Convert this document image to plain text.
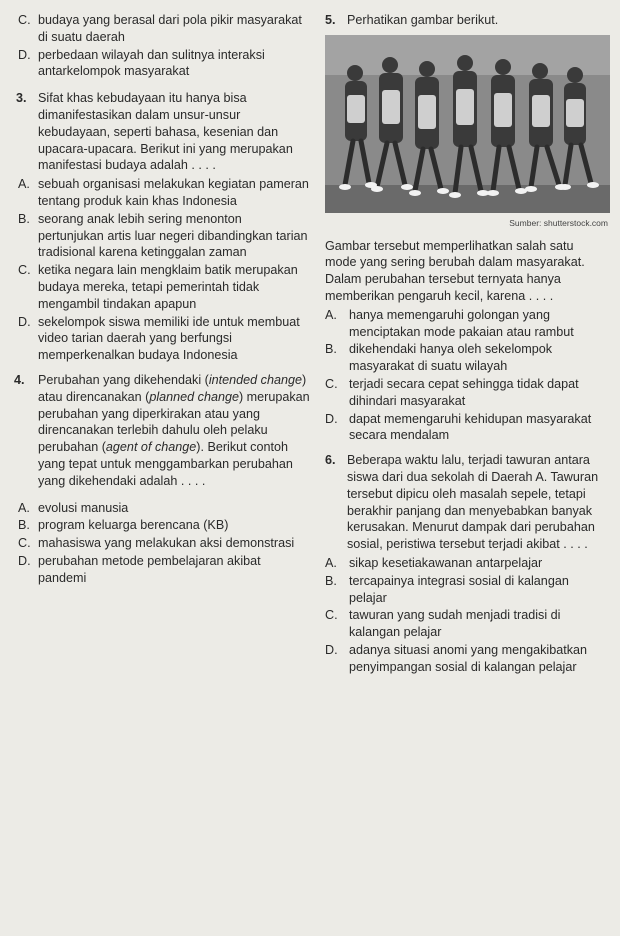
C. budaya yang berasal dari pola pikir masyarakat di suatu daerah
D. perbedaan wilayah dan sulitnya interaksi antarkelompok masyarakat
3. Sifat khas kebudayaan itu hanya bisa dimanifestasikan dalam unsur-unsur kebudayaan, seperti bahasa, kesenian dan upacara-upacara. Berikut ini yang merupakan manifestasi budaya adalah . . . .
A. sebuah organisasi melakukan kegiatan pameran tentang produk kain khas Indonesia
B. seorang anak lebih sering menonton pertunjukan artis luar negeri dibandingkan tarian tradisional karena ketinggalan zaman
C. ketika negara lain mengklaim batik merupakan budaya mereka, tetapi pemerintah tidak mengambil tindakan apapun
D. sekelompok siswa memiliki ide untuk membuat video tarian daerah yang berfungsi memperkenalkan budaya Indonesia
4. Perubahan yang dikehendaki (intended change) atau direncanakan (planned change) merupakan perubahan yang diperkirakan atau yang direncanakan terlebih dahulu oleh pelaku perubahan (agent of change). Berikut contoh yang tepat untuk menggambarkan perubahan yang dikehendaki adalah . . . .
A. evolusi manusia
B. program keluarga berencana (KB)
C. mahasiswa yang melakukan aksi demonstrasi
D. perubahan metode pembelajaran akibat pandemi
5. Perhatikan gambar berikut.
Sumber: shutterstock.com
Gambar tersebut memperlihatkan salah satu mode yang sering berubah dalam masyarakat. Dalam perubahan tersebut ternyata hanya memberikan pengaruh kecil, karena . . . .
A. hanya memengaruhi golongan yang menciptakan mode pakaian atau rambut
B. dikehendaki hanya oleh sekelompok masyarakat di suatu wilayah
C. terjadi secara cepat sehingga tidak dapat dihindari masyarakat
D. dapat memengaruhi kehidupan masyarakat secara mendalam
6. Beberapa waktu lalu, terjadi tawuran antara siswa dari dua sekolah di Daerah A. Tawuran tersebut dipicu oleh masalah sepele, tetapi berakhir panjang dan menyebabkan banyak kerusakan. Menurut dampak dari perubahan sosial, peristiwa tersebut terjadi akibat . . . .
A. sikap kesetiakawanan antarpelajar
B. tercapainya integrasi sosial di kalangan pelajar
C. tawuran yang sudah menjadi tradisi di kalangan pelajar
D. adanya situasi anomi yang mengakibatkan penyimpangan sosial di kalangan pelajar
